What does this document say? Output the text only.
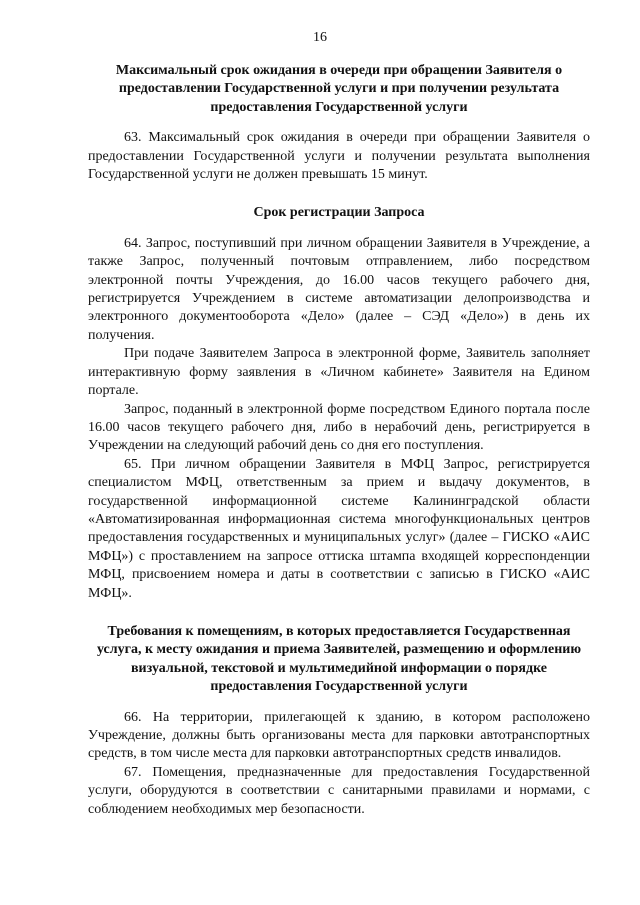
16

Максимальный срок ожидания в очереди при обращении Заявителя о предоставлении Государственной услуги и при получении результата предоставления Государственной услуги

63. Максимальный срок ожидания в очереди при обращении Заявителя о предоставлении Государственной услуги и получении результата выполнения Государственной услуги не должен превышать 15 минут.

Срок регистрации Запроса

64. Запрос, поступивший при личном обращении Заявителя в Учреждение, а также Запрос, полученный почтовым отправлением, либо посредством электронной почты Учреждения, до 16.00 часов текущего рабочего дня, регистрируется Учреждением в системе автоматизации делопроизводства и электронного документооборота «Дело» (далее – СЭД «Дело») в день их получения.

При подаче Заявителем Запроса в электронной форме, Заявитель заполняет интерактивную форму заявления в «Личном кабинете» Заявителя на Едином портале.

Запрос, поданный в электронной форме посредством Единого портала после 16.00 часов текущего рабочего дня, либо в нерабочий день, регистрируется в Учреждении на следующий рабочий день со дня его поступления.

65. При личном обращении Заявителя в МФЦ Запрос, регистрируется специалистом МФЦ, ответственным за прием и выдачу документов, в государственной информационной системе Калининградской области «Автоматизированная информационная система многофункциональных центров предоставления государственных и муниципальных услуг» (далее – ГИСКО «АИС МФЦ») с проставлением на запросе оттиска штампа входящей корреспонденции МФЦ, присвоением номера и даты в соответствии с записью в ГИСКО «АИС МФЦ».

Требования к помещениям, в которых предоставляется Государственная услуга, к месту ожидания и приема Заявителей, размещению и оформлению визуальной, текстовой и мультимедийной информации о порядке предоставления Государственной услуги

66. На территории, прилегающей к зданию, в котором расположено Учреждение, должны быть организованы места для парковки автотранспортных средств, в том числе места для парковки автотранспортных средств инвалидов.

67. Помещения, предназначенные для предоставления Государственной услуги, оборудуются в соответствии с санитарными правилами и нормами, с соблюдением необходимых мер безопасности.
